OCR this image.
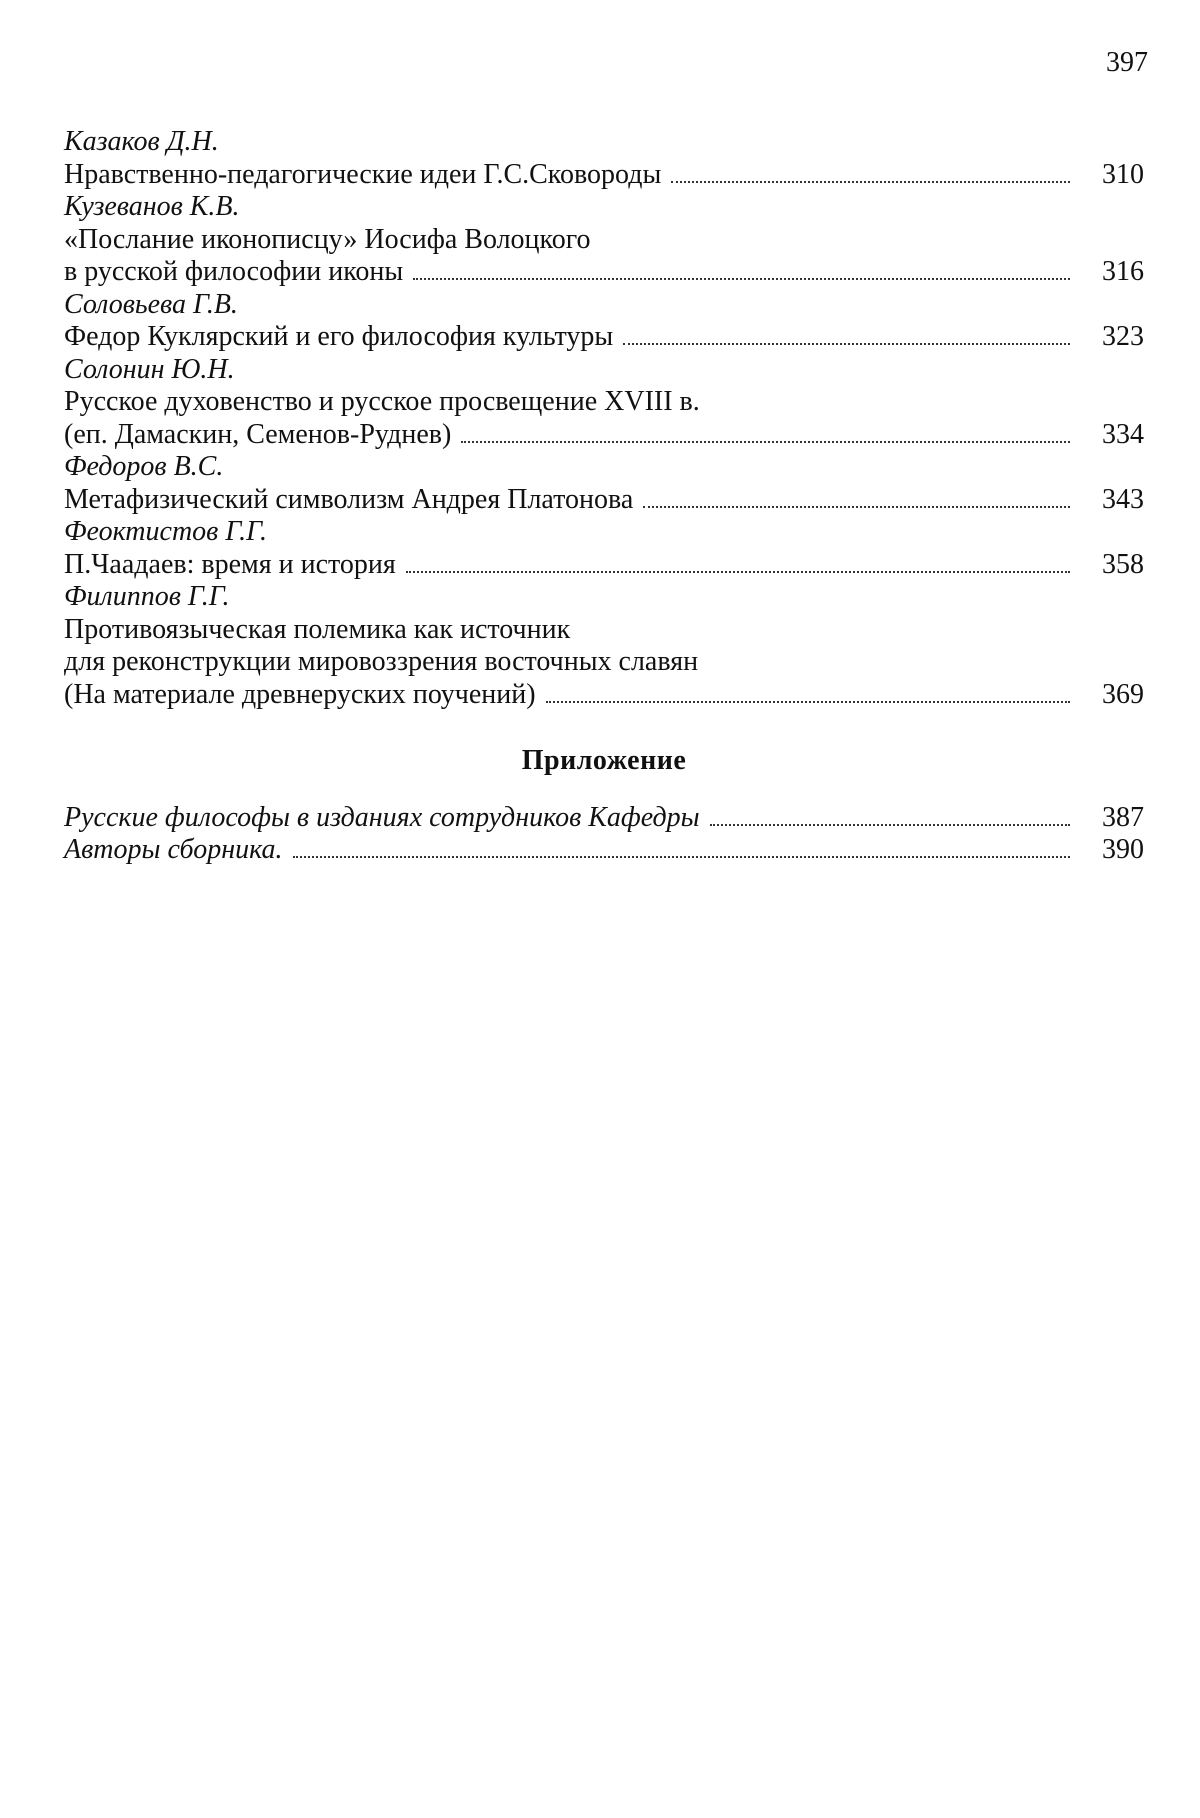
397
Казаков Д.Н.
Нравственно-педагогические идеи Г.С.Сковороды	310
Кузеванов К.В.
«Послание иконописцу» Иосифа Волоцкого
в русской философии иконы	316
Соловьева Г.В.
Федор Куклярский и его философия культуры	323
Солонин Ю.Н.
Русское духовенство и русское просвещение XVIII в.
(еп. Дамаскин, Семенов-Руднев)	334
Федоров В.С.
Метафизический символизм Андрея Платонова	343
Феоктистов Г.Г.
П.Чаадаев: время и история	358
Филиппов Г.Г.
Противоязыческая полемика как источник
для реконструкции мировоззрения восточных славян
(На материале древнеруских поучений)	369
Приложение
Русские философы в изданиях сотрудников Кафедры	387
Авторы сборника.	390
